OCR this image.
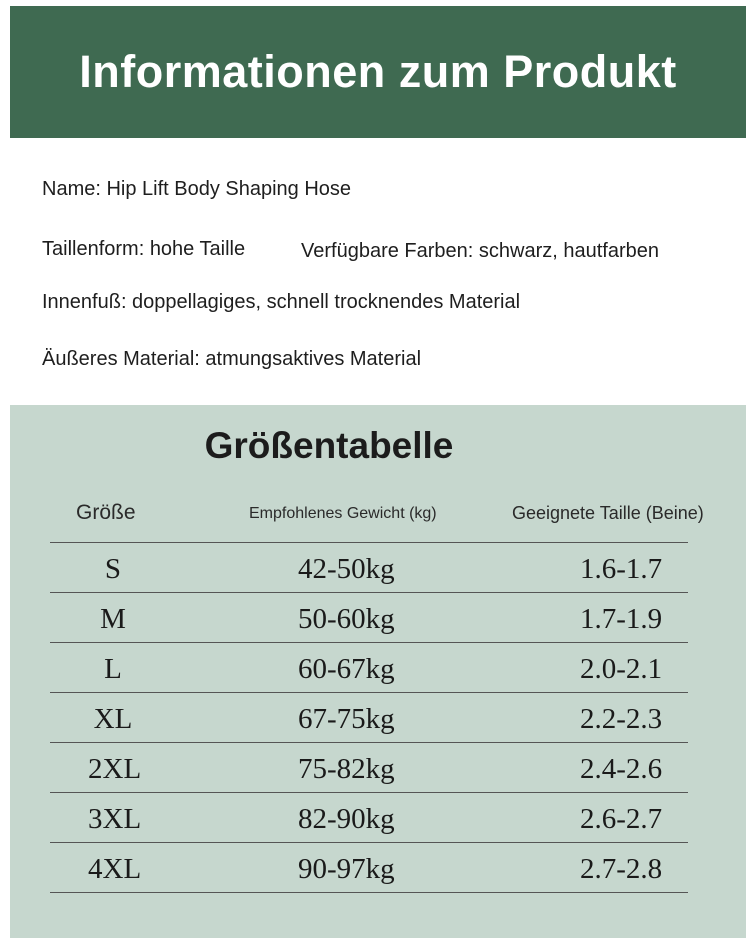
Informationen zum Produkt
Name: Hip Lift Body Shaping Hose
Taillenform: hohe Taille	Verfügbare Farben: schwarz, hautfarben
Innenfuß: doppellagiges, schnell trocknendes Material
Äußeres Material: atmungsaktives Material
Größentabelle
Größe	Empfohlenes Gewicht (kg)	Geeignete Taille (Beine)
S	42-50kg	1.6-1.7
M	50-60kg	1.7-1.9
L	60-67kg	2.0-2.1
XL	67-75kg	2.2-2.3
2XL	75-82kg	2.4-2.6
3XL	82-90kg	2.6-2.7
4XL	90-97kg	2.7-2.8
